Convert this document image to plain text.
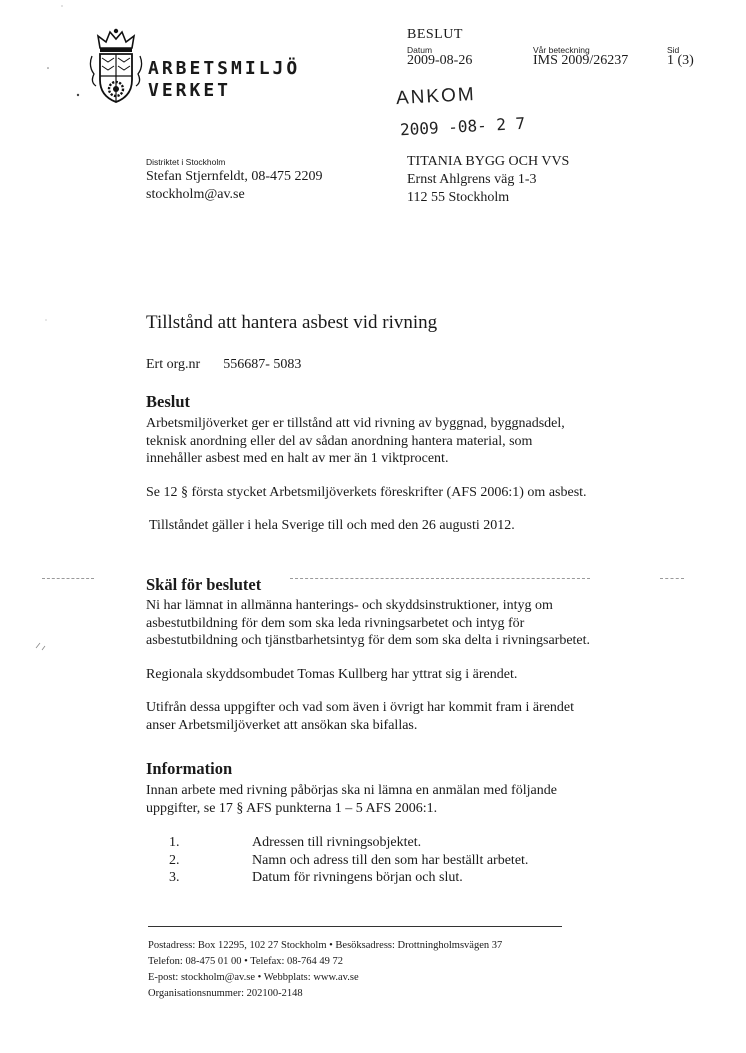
ARBETSMILJÖ
VERKET
BESLUT
Datum
2009-08-26
Vår beteckning
IMS 2009/26237
Sid
1 (3)
ANKOM
2009 -08- 2 7
Distriktet i Stockholm
Stefan Stjernfeldt, 08-475 2209
stockholm@av.se
TITANIA BYGG OCH VVS
Ernst Ahlgrens väg 1-3
112 55 Stockholm
Tillstånd att hantera asbest vid rivning
Ert org.nr 556687- 5083
Beslut

Arbetsmiljöverket ger er tillstånd att vid rivning av byggnad, byggnadsdel,
teknisk anordning eller del av sådan anordning hantera material, som
innehåller asbest med en halt av mer än 1 viktprocent.

Se 12 § första stycket Arbetsmiljöverkets föreskrifter (AFS 2006:1) om asbest.

Tillståndet gäller i hela Sverige till och med den 26 augusti 2012.

Skäl för beslutet

Ni har lämnat in allmänna hanterings- och skyddsinstruktioner, intyg om
asbestutbildning för dem som ska leda rivningsarbetet och intyg för
asbestutbildning och tjänstbarhetsintyg för dem som ska delta i rivningsarbetet.

Regionala skyddsombudet Tomas Kullberg har yttrat sig i ärendet.

Utifrån dessa uppgifter och vad som även i övrigt har kommit fram i ärendet
anser Arbetsmiljöverket att ansökan ska bifallas.

Information

Innan arbete med rivning påbörjas ska ni lämna en anmälan med följande
uppgifter, se 17 § AFS punkterna 1 – 5 AFS 2006:1.

1.	Adressen till rivningsobjektet.
2.	Namn och adress till den som har beställt arbetet.
3.	Datum för rivningens början och slut.
Postadress: Box 12295, 102 27 Stockholm • Besöksadress: Drottningholmsvägen 37
Telefon: 08-475 01 00 • Telefax: 08-764 49 72
E-post: stockholm@av.se • Webbplats: www.av.se
Organisationsnummer: 202100-2148
